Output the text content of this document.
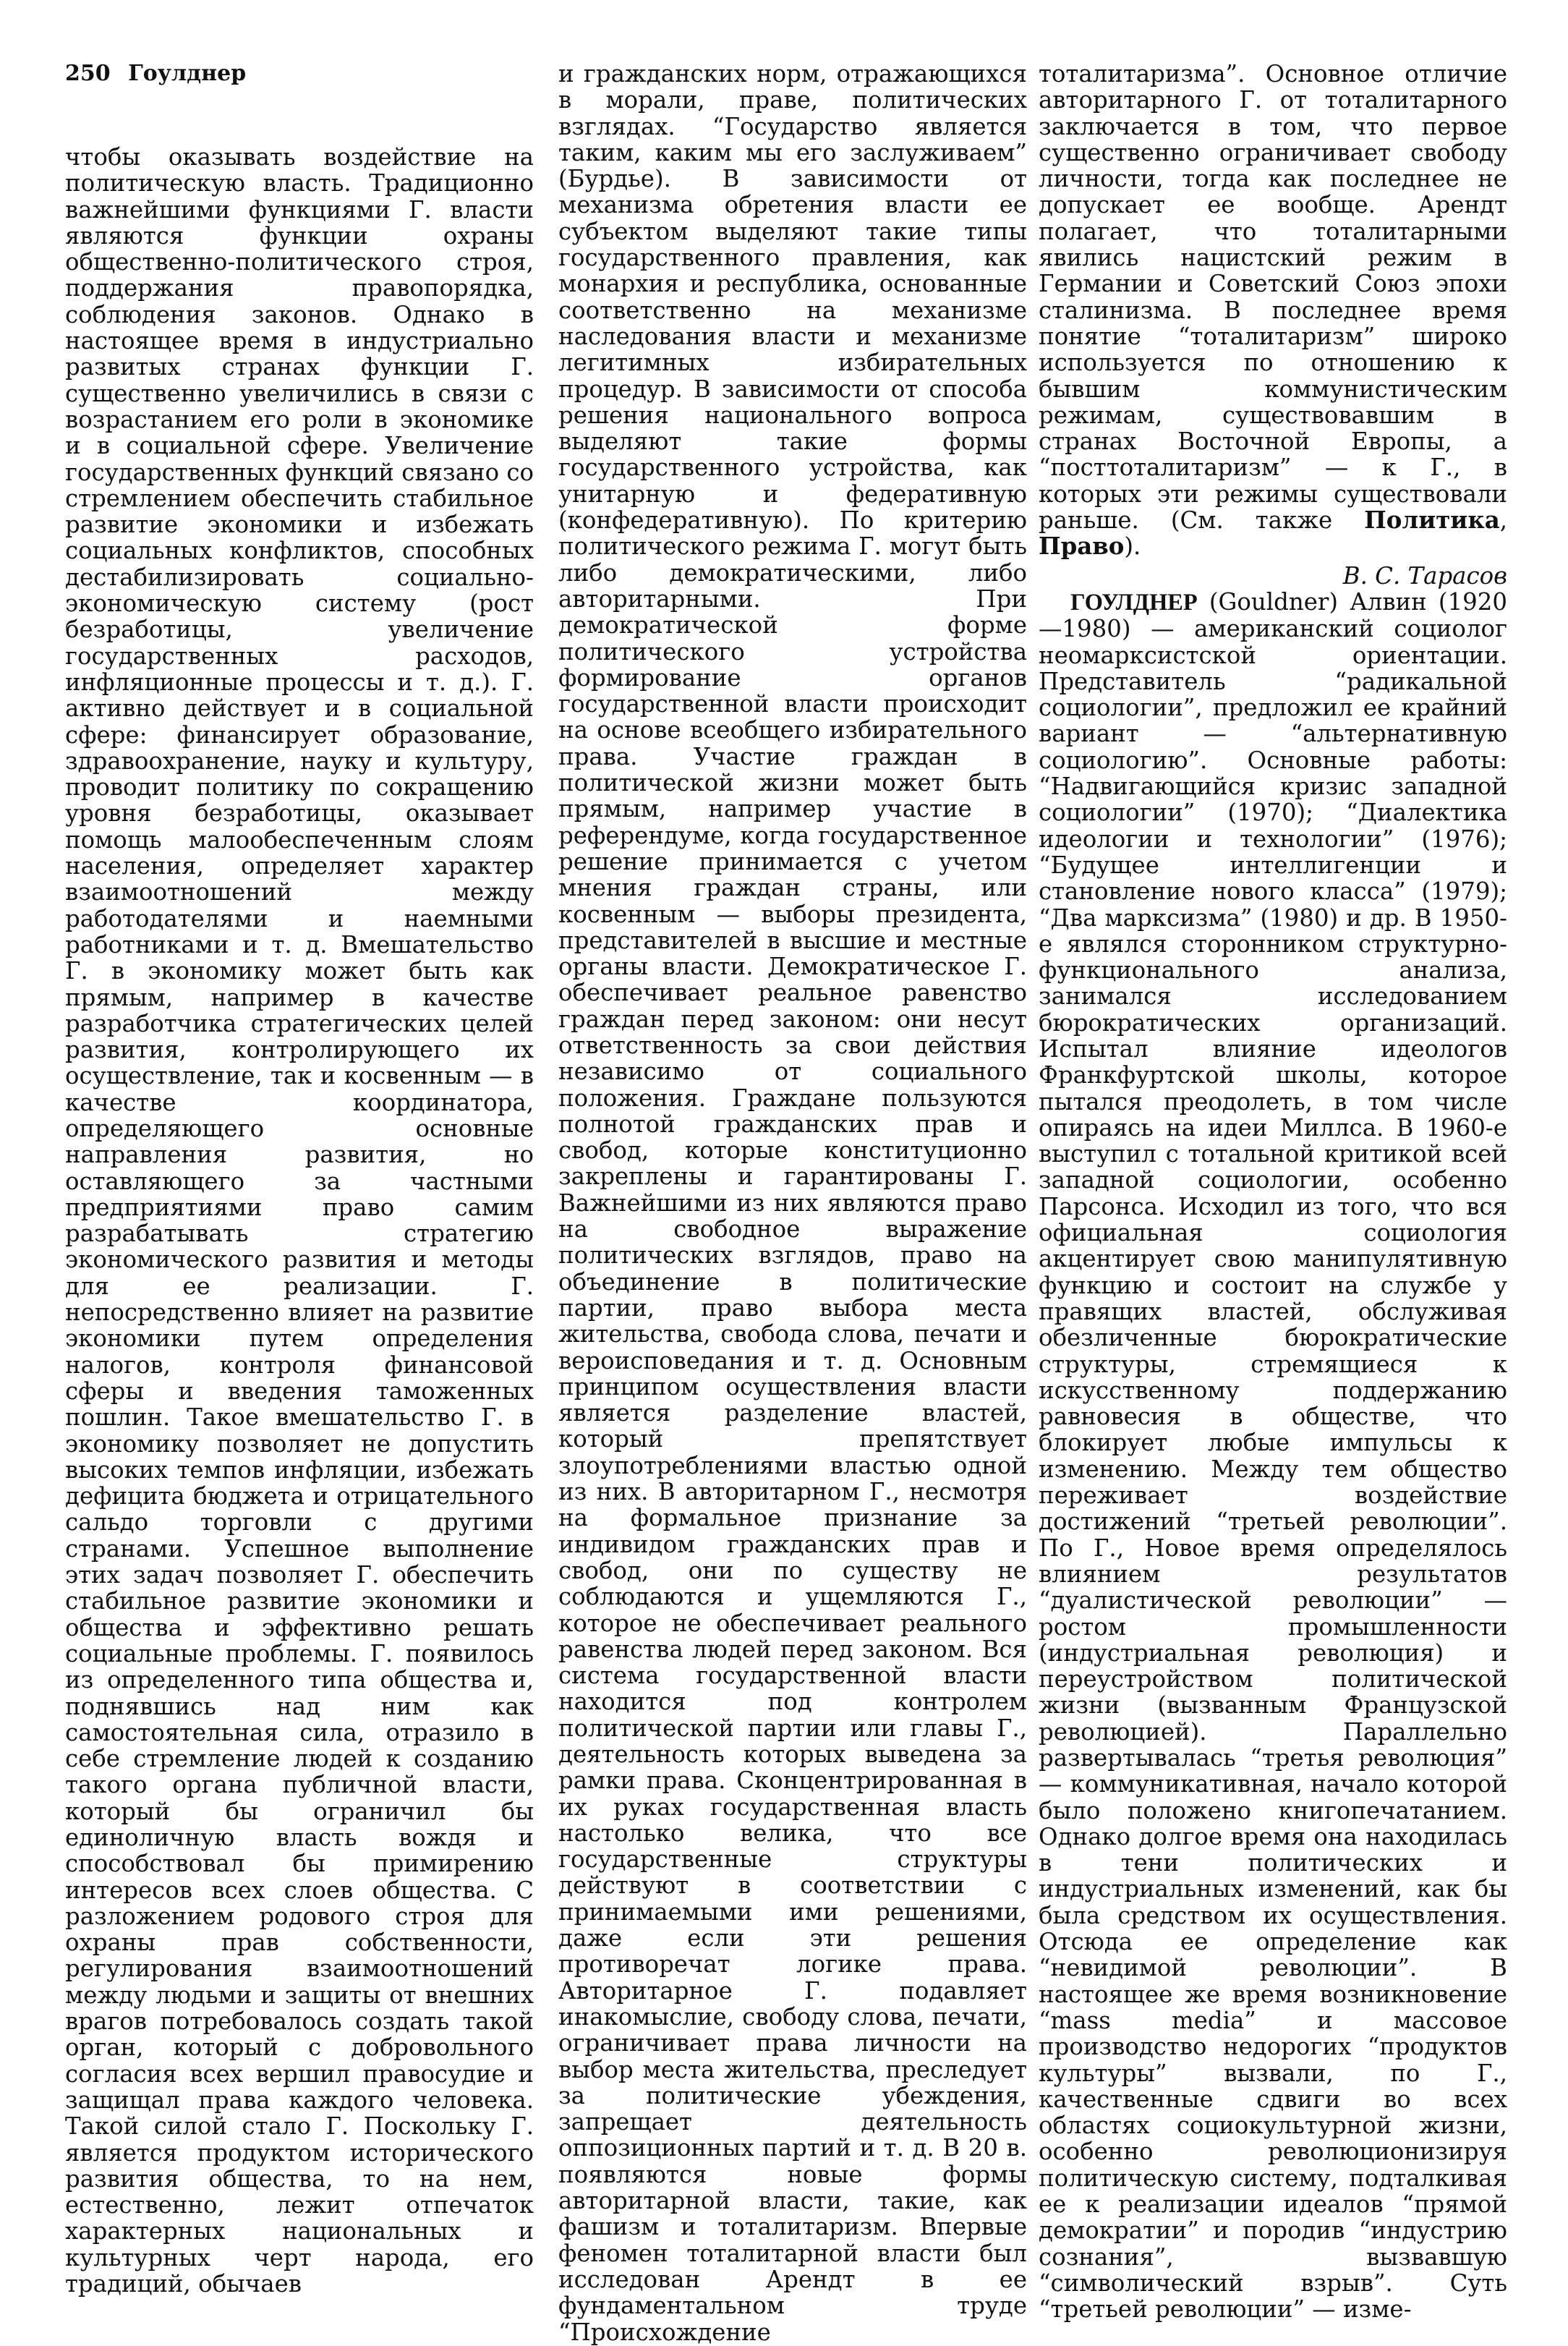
250 Гоулднер

чтобы оказывать воздействие на политическую власть. Традиционно важнейшими функциями Г. власти являются функции охраны общественно-политического строя, поддержания правопорядка, соблюдения законов. Однако в настоящее время в индустриально развитых странах функции Г. существенно увеличились в связи с возрастанием его роли в экономике и в социальной сфере. Увеличение государственных функций связано со стремлением обеспечить стабильное развитие экономики и избежать социальных конфликтов, способных дестабилизировать социально-экономическую систему (рост безработицы, увеличение государственных расходов, инфляционные процессы и т. д.). Г. активно действует и в социальной сфере: финансирует образование, здравоохранение, науку и культуру, проводит политику по сокращению уровня безработицы, оказывает помощь малообеспеченным слоям населения, определяет характер взаимоотношений между работодателями и наемными работниками и т. д. Вмешательство Г. в экономику может быть как прямым, например в качестве разработчика стратегических целей развития, контролирующего их осуществление, так и косвенным — в качестве координатора, определяющего основные направления развития, но оставляющего за частными предприятиями право самим разрабатывать стратегию экономического развития и методы для ее реализации. Г. непосредственно влияет на развитие экономики путем определения налогов, контроля финансовой сферы и введения таможенных пошлин. Такое вмешательство Г. в экономику позволяет не допустить высоких темпов инфляции, избежать дефицита бюджета и отрицательного сальдо торговли с другими странами. Успешное выполнение этих задач позволяет Г. обеспечить стабильное развитие экономики и общества и эффективно решать социальные проблемы. Г. появилось из определенного типа общества и, поднявшись над ним как самостоятельная сила, отразило в себе стремление людей к созданию такого органа публичной власти, который бы ограничил бы единоличную власть вождя и способствовал бы примирению интересов всех слоев общества. С разложением родового строя для охраны прав собственности, регулирования взаимоотношений между людьми и защиты от внешних врагов потребовалось создать такой орган, который с добровольного согласия всех вершил правосудие и защищал права каждого человека. Такой силой стало Г. Поскольку Г. является продуктом исторического развития общества, то на нем, естественно, лежит отпечаток характерных национальных и культурных черт народа, его традиций, обычаев

и гражданских норм, отражающихся в морали, праве, политических взглядах. “Государство является таким, каким мы его заслуживаем” (Бурдье). В зависимости от механизма обретения власти ее субъектом выделяют такие типы государственного правления, как монархия и республика, основанные соответственно на механизме наследования власти и механизме легитимных избирательных процедур. В зависимости от способа решения национального вопроса выделяют такие формы государственного устройства, как унитарную и федеративную (конфедеративную). По критерию политического режима Г. могут быть либо демократическими, либо авторитарными. При демократической форме политического устройства формирование органов государственной власти происходит на основе всеобщего избирательного права. Участие граждан в политической жизни может быть прямым, например участие в референдуме, когда государственное решение принимается с учетом мнения граждан страны, или косвенным — выборы президента, представителей в высшие и местные органы власти. Демократическое Г. обеспечивает реальное равенство граждан перед законом: они несут ответственность за свои действия независимо от социального положения. Граждане пользуются полнотой гражданских прав и свобод, которые конституционно закреплены и гарантированы Г. Важнейшими из них являются право на свободное выражение политических взглядов, право на объединение в политические партии, право выбора места жительства, свобода слова, печати и вероисповедания и т. д. Основным принципом осуществления власти является разделение властей, который препятствует злоупотреблениями властью одной из них. В авторитарном Г., несмотря на формальное признание за индивидом гражданских прав и свобод, они по существу не соблюдаются и ущемляются Г., которое не обеспечивает реального равенства людей перед законом. Вся система государственной власти находится под контролем политической партии или главы Г., деятельность которых выведена за рамки права. Сконцентрированная в их руках государственная власть настолько велика, что все государственные структуры действуют в соответствии с принимаемыми ими решениями, даже если эти решения противоречат логике права. Авторитарное Г. подавляет инакомыслие, свободу слова, печати, ограничивает права личности на выбор места жительства, преследует за политические убеждения, запрещает деятельность оппозиционных партий и т. д. В 20 в. появляются новые формы авторитарной власти, такие, как фашизм и тоталитаризм. Впервые феномен тоталитарной власти был исследован Арендт в ее фундаментальном труде “Происхождение

тоталитаризма”. Основное отличие авторитарного Г. от тоталитарного заключается в том, что первое существенно ограничивает свободу личности, тогда как последнее не допускает ее вообще. Арендт полагает, что тоталитарными явились нацистский режим в Германии и Советский Союз эпохи сталинизма. В последнее время понятие “тоталитаризм” широко используется по отношению к бывшим коммунистическим режимам, существовавшим в странах Восточной Европы, а “посттоталитаризм” — к Г., в которых эти режимы существовали раньше. (См. также Политика, Право).

В. С. Тарасов

ГОУЛДНЕР (Gouldner) Алвин (1920—1980) — американский социолог неомарксистской ориентации. Представитель “радикальной социологии”, предложил ее крайний вариант — “альтернативную социологию”. Основные работы: “Надвигающийся кризис западной социологии” (1970); “Диалектика идеологии и технологии” (1976); “Будущее интеллигенции и становление нового класса” (1979); “Два марксизма” (1980) и др. В 1950-е являлся сторонником структурно-функционального анализа, занимался исследованием бюрократических организаций. Испытал влияние идеологов Франкфуртской школы, которое пытался преодолеть, в том числе опираясь на идеи Миллса. В 1960-е выступил с тотальной критикой всей западной социологии, особенно Парсонса. Исходил из того, что вся официальная социология акцентирует свою манипулятивную функцию и состоит на службе у правящих властей, обслуживая обезличенные бюрократические структуры, стремящиеся к искусственному поддержанию равновесия в обществе, что блокирует любые импульсы к изменению. Между тем общество переживает воздействие достижений “третьей революции”. По Г., Новое время определялось влиянием результатов “дуалистической революции” — ростом промышленности (индустриальная революция) и переустройством политической жизни (вызванным Французской революцией). Параллельно развертывалась “третья революция” — коммуникативная, начало которой было положено книгопечатанием. Однако долгое время она находилась в тени политических и индустриальных изменений, как бы была средством их осуществления. Отсюда ее определение как “невидимой революции”. В настоящее же время возникновение “mass media” и массовое производство недорогих “продуктов культуры” вызвали, по Г., качественные сдвиги во всех областях социокультурной жизни, особенно революционизируя политическую систему, подталкивая ее к реализации идеалов “прямой демократии” и породив “индустрию сознания”, вызвавшую “символический взрыв”. Суть “третьей революции” — изме-
